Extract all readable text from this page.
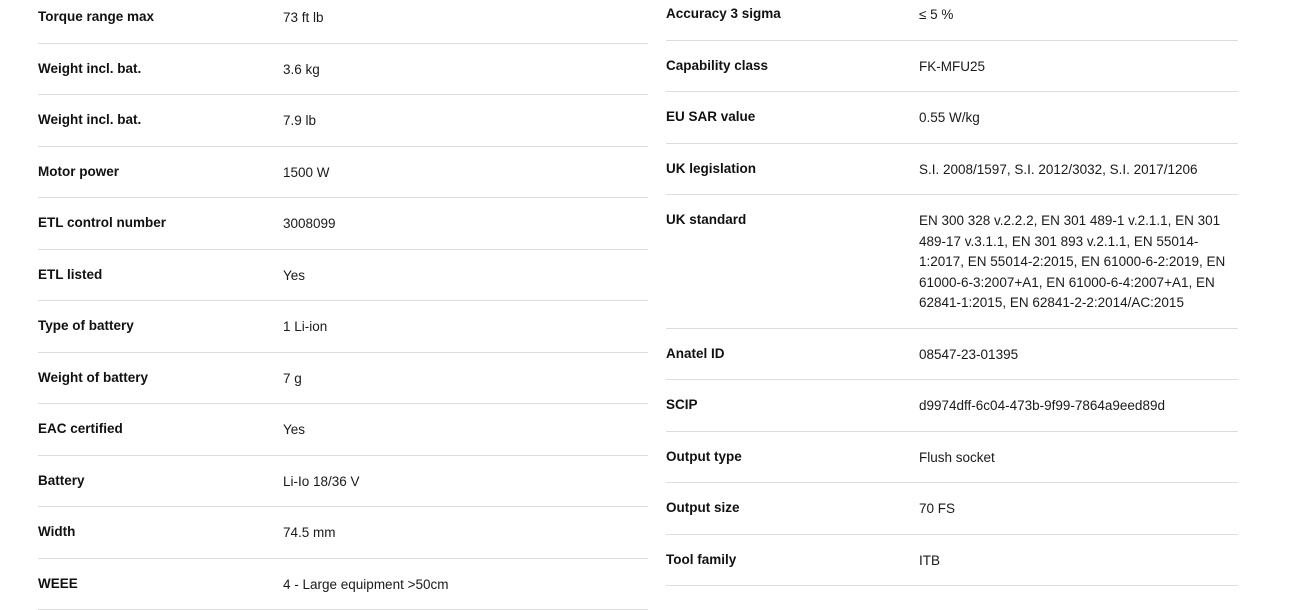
Torque range max	73 ft lb
Weight incl. bat.	3.6 kg
Weight incl. bat.	7.9 lb
Motor power	1500 W
ETL control number	3008099
ETL listed	Yes
Type of battery	1 Li-ion
Weight of battery	7 g
EAC certified	Yes
Battery	Li-Io 18/36 V
Width	74.5 mm
WEEE	4 - Large equipment >50cm
Accuracy 3 sigma	≤ 5 %
Capability class	FK-MFU25
EU SAR value	0.55 W/kg
UK legislation	S.I. 2008/1597, S.I. 2012/3032, S.I. 2017/1206
UK standard	EN 300 328 v.2.2.2, EN 301 489-1 v.2.1.1, EN 301 489-17 v.3.1.1, EN 301 893 v.2.1.1, EN 55014-1:2017, EN 55014-2:2015, EN 61000-6-2:2019, EN 61000-6-3:2007+A1, EN 61000-6-4:2007+A1, EN 62841-1:2015, EN 62841-2-2:2014/AC:2015
Anatel ID	08547-23-01395
SCIP	d9974dff-6c04-473b-9f99-7864a9eed89d
Output type	Flush socket
Output size	70 FS
Tool family	ITB
